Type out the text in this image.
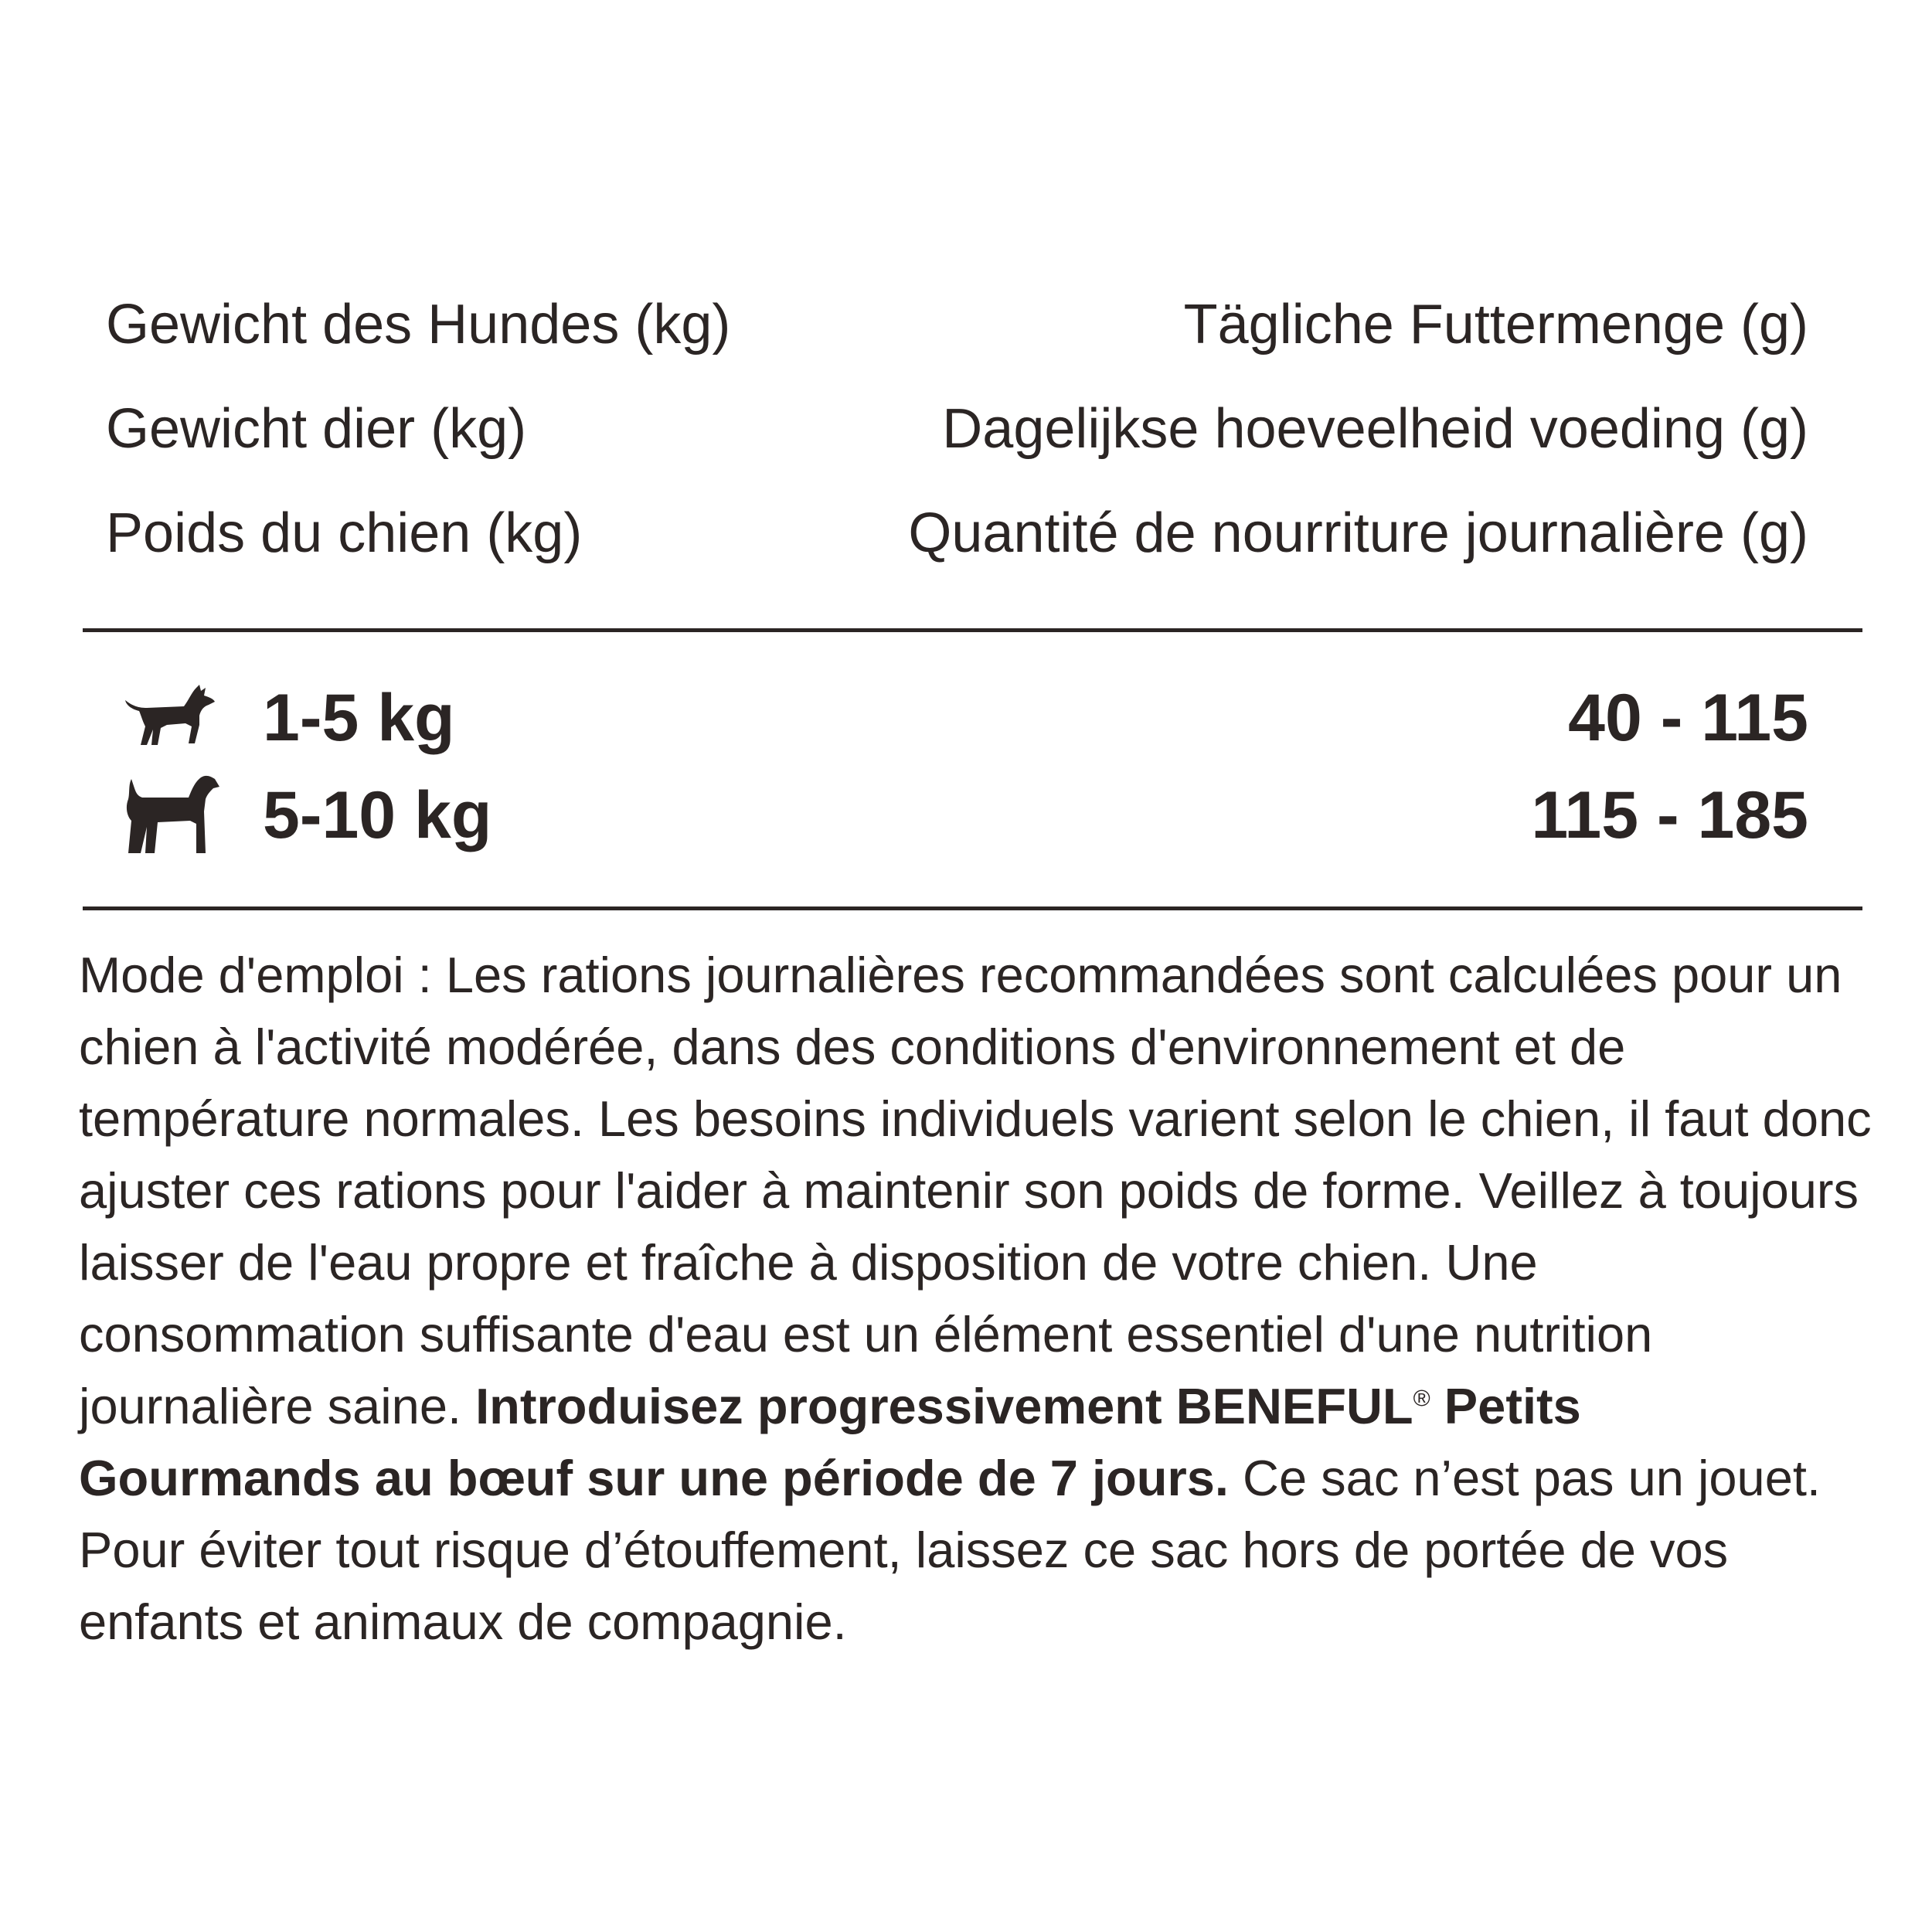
Gewicht des Hundes (kg)	Tägliche Futtermenge (g)
Gewicht dier (kg)	Dagelijkse hoeveelheid voeding (g)
Poids du chien (kg)	Quantité de nourriture journalière (g)
1-5 kg	40 - 115
5-10 kg	115 - 185
Mode d'emploi : Les rations journalières recommandées sont calculées pour un chien à l'activité modérée, dans des conditions d'environnement et de température normales. Les besoins individuels varient selon le chien, il faut donc ajuster ces rations pour l'aider à maintenir son poids de forme. Veillez à toujours laisser de l'eau propre et fraîche à disposition de votre chien. Une consommation suffisante d'eau est un élément essentiel d'une nutrition journalière saine. Introduisez progressivement BENEFUL® Petits Gourmands au bœuf sur une période de 7 jours. Ce sac n’est pas un jouet. Pour éviter tout risque d’étouffement, laissez ce sac hors de portée de vos enfants et animaux de compagnie.
